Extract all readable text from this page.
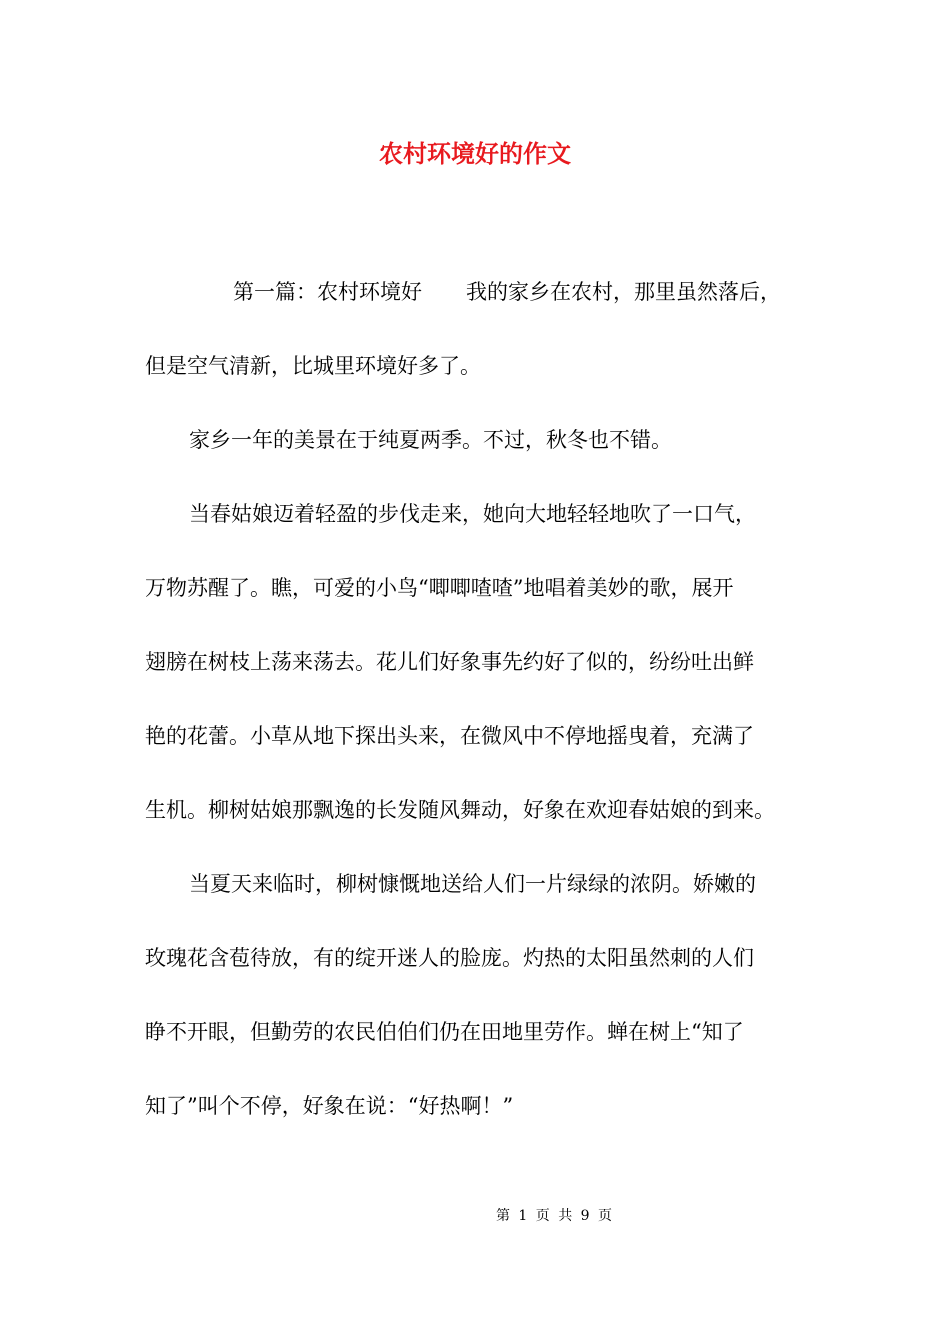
农村环境好的作文
第一篇：农村环境好 我的家乡在农村，那里虽然落后，
但是空气清新，比城里环境好多了。
家乡一年的美景在于纯夏两季。不过，秋冬也不错。
当春姑娘迈着轻盈的步伐走来，她向大地轻轻地吹了一口气，
万物苏醒了。瞧，可爱的小鸟“唧唧喳喳”地唱着美妙的歌，展开
翅膀在树枝上荡来荡去。花儿们好象事先约好了似的，纷纷吐出鲜
艳的花蕾。小草从地下探出头来，在微风中不停地摇曳着，充满了
生机。柳树姑娘那飘逸的长发随风舞动，好象在欢迎春姑娘的到来。
当夏天来临时，柳树慷慨地送给人们一片绿绿的浓阴。娇嫩的
玫瑰花含苞待放，有的绽开迷人的脸庞。灼热的太阳虽然刺的人们
睁不开眼，但勤劳的农民伯伯们仍在田地里劳作。蝉在树上“知了
知了”叫个不停，好象在说：“好热啊！”
第 1 页 共 9 页
